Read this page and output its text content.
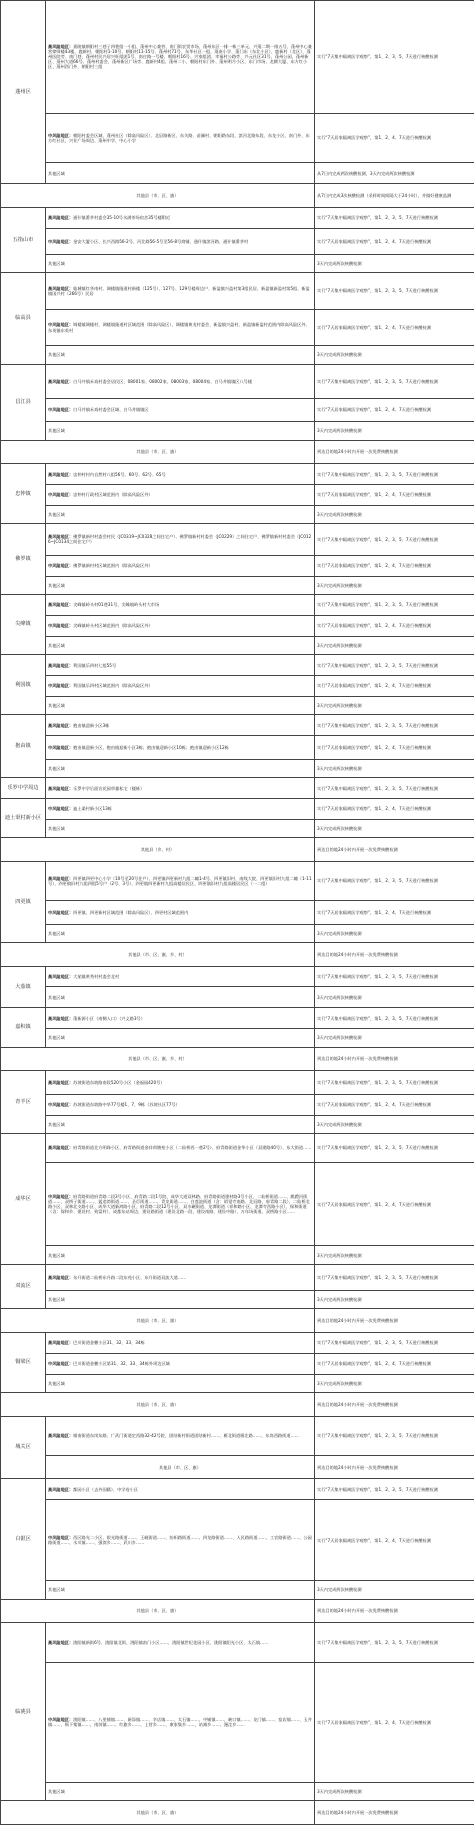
蓬州区	高风险地区：嘉陵镇朝阳村三巷子四巷组一小组、蓬州中心兼营、南门街农贸市场、蓬州东区一排一栋三单元、兴蓬二期一排五号、蓬州中心兼营律师楼43楼、鹿新村、朝阳村1-10号、朝阳村11-15号、蓬州村71号、东华社区一组、蓬南小学、蓬门东（东北小区）、鹿新村（北区）、蓬州医院旁、南门巷、蓬州村民兴居兴旺组团1号、南庄路一号楼、朝阳村16号、兴家组团、幸福村公路旁、兴元社区31号、蓬州公园、蓬州新区、蓬州大道66号、蓬州村委会、蓬州新区广场旁、鹿新村4组、蓬州二小、朝阳村东门外、蓬州明月小区、东门市场、龙腾大厦、东方红小区、蓬州西门外、朝阳村三组	实行“7天集中隔离医学观察”，第1、2、3、5、7天进行核酸检测
	中风险地区：朝阳村委会区域、蓬州社区（除高风险区）、北辰路新区、东关路、苗圃村、朝阳路东段、滨河北路东段、东龙小区、南门外、东方红社区、兴业广场周边、蓬州中学、中心小学	实行“7天居家隔离医学观察”，第1、2、4、7天进行核酸检测
	其他区域	从7日内完成两次核酸检测，3天内完成两次核酸检测
其他县（市、区、旗）		从7日内完成3次核酸检测（采样时间间隔大于24小时），并做好健康监测
五指山市	高风险地区：通什镇番茅村委会35-10号水满茶场宿舍35号楼附近	实行“7天集中隔离医学观察”，第1、2、3、5、7天进行核酸检测
	中风险地区：金安大厦小区、长兴西路56-2号、河北路56-5号至56-8号商铺、通什镇滨河路、通什镇番茅村	实行“7天居家隔离医学观察”，第1、2、4、7天进行核酸检测
	其他区域	3天内完成两次核酸检测
临高县	高风险地区：临城镇红华南村、调楼镇隆道村新楼（125号）、127号、129号楼周边户、新盈镇兴盈村第3组民居、新盈镇新盈村第5组、新盈镇国兴村（266号）民居	实行“7天集中隔离医学观察”，第1、2、3、5、7天进行核酸检测
	中风险地区：调楼镇调楼村、调楼镇隆道村区域范围（除高风险区）、调楼镇黄龙村委会、新盈镇兴盈村、新盈镇新盈村范围内除高风险区外、东英镇东英村	实行“7天居家隔离医学观察”，第1、2、4、7天进行核酸检测
	其他区域	3天内完成两次核酸检测
昌江县	高风险地区：白马井镇禾戏村委会居民区、08001家、08002家、08003家、08004家、白马井镇镇区八号楼	实行“7天集中隔离医学观察”，第1、2、3、5、7天进行核酸检测
	中风险地区：白马井镇禾戏村委会区域、白马井镇镇区	实行“7天居家隔离医学观察”，第1、2、4、7天进行核酸检测
	其他区域	3天内完成两次核酸检测
其他县（市、区、旗）		到达目的地24小时内开展一次免费核酸检测
忠仲镇	高风险地区：忠仲村村内自然村八组56号、60号、62号、65号	实行“7天集中隔离医学观察”，第1、2、3、5、7天进行核酸检测
	中风险地区：忠仲村行政村区域范围内（除高风险区外）	实行“7天居家隔离医学观察”，第1、2、4、7天进行核酸检测
	其他区域	3天内完成两次核酸检测
佛罗镇	高风险地区：佛罗镇新村村委会村民（JC0319~JC0328之间住宅户）、佛罗镇新村村委会（JC0229）之间住宅户、佛罗镇新村村委会（JC0126~JC0134之间住宅户）	实行“7天集中隔离医学观察”，第1、2、3、5、7天进行核酸检测
	中风险地区：佛罗镇新村村区域范围内（除高风险区外）	实行“7天居家隔离医学观察”，第1、2、4、7天进行核酸检测
	其他区域	3天内完成两次核酸检测
尖峰镇	高风险地区：尖峰镇岭头村01巷31号、尖峰镇岭头村大市场	实行“7天集中隔离医学观察”，第1、2、3、5、7天进行核酸检测
	中风险地区：尖峰镇岭头村区域范围内（除高风险区外）	实行“7天居家隔离医学观察”，第1、2、4、7天进行核酸检测
	其他区域	3天内完成两次核酸检测
利国镇	高风险地区：利国镇乐四村七组55号	实行“7天集中隔离医学观察”，第1、2、3、5、7天进行核酸检测
	中风险地区：利国镇乐四村区域范围内（除高风险区外）	实行“7天居家隔离医学观察”，第1、2、4、7天进行核酸检测
	其他区域	3天内完成两次核酸检测
抱由镇	高风险地区：抱由镇迎新小区3栋	实行“7天集中隔离医学观察”，第1、2、3、5、7天进行核酸检测
	中风险地区：抱由镇迎新小区，抱由镇迎新小区3栋；抱由镇迎新小区10栋；抱由镇迎新小区12栋	实行“7天居家隔离医学观察”，第1、2、4、7天进行核酸检测
	其他区域	3天内完成两次核酸检测
乐罗中学周边	高风险地区：乐罗中学后面宣花园草暴私宅（楼栋）	实行“7天集中隔离医学观察”，第1、2、3、5、7天进行核酸检测
迪土渠村新小区	中风险地区：迪土渠村新小区13栋	实行“7天居家隔离医学观察”，第1、2、4、7天进行核酸检测
	其他区域	3天内完成两次核酸检测
其他县（乡、村）		到达目的地24小时内开展一次免费核酸检测
四更镇	高风险地区：四更镇四更中心小学（10号至20号住户）、四更镇四更新村九组二幢1-4号、四更镇旧村、南线大院、四更镇旧村九组二幢（1-11号）、四更镇旧村九组四组5号户（2号、3号）、四更镇四更新村九组高楼居民区、四更镇旧村九组高楼居民区（一二组）	实行“7天集中隔离医学观察”，第1、2、3、5、7天进行核酸检测
	中风险地区：四更镇、四更新村区域范围（除高风险区）、四更村区域范围内	实行“7天居家隔离医学观察”，第1、2、4、7天进行核酸检测
	其他区域	3天内完成两次核酸检测
其他县（市、区、旗、乡、村）		到达目的地24小时内开展一次免费核酸检测
大茄镇	高风险地区：大茄镇黄秀村村委会北村	实行“7天集中隔离医学观察”，第1、2、3、5、7天进行核酸检测
	其他区域	3天内完成两次核酸检测
嘉积镇	高风险地区：蓬新源小区（南侧入口）（兴义路3号）	实行“7天集中隔离医学观察”，第1、2、3、5、7天进行核酸检测
	其他区域	3天内完成两次核酸检测
其他县（市、区、旗、乡、村）		到达目的地24小时内开展一次免费核酸检测
青羊区	高风险地区：苏坡街道东坡路南段520号小区（金福园420号）	实行“7天集中隔离医学观察”，第1、2、3、5、7天进行核酸检测
	中风险地区：苏坡街道东坡路中华77号楼1、7、9栋（苏坡社区77号）	实行“7天居家隔离医学观察”，第1、2、4、7天进行核酸检测
	其他区域	3天内完成两次核酸检测
成华区	高风险地区：府青路街道北方明珠小区、府青路街道金祥荷塘苑小区（二仙桥西一巷2号）、府青路街道金华小区（双建路40号）、东大街道……	实行“7天集中隔离医学观察”，第1、2、3、5、7天进行核酸检测
	中风险地区：府青路街道府青路二段3号小区、府青路二段1号院、成华大道双林路、府青路街道建材路3号小区、二仙桥街道……、跳蹬河街道……、双桥子街道……、猛追湾街道……、圣灯街道……、青龙街道……、白莲池街道（含：昭觉寺南路、北辰路、府青路二段）、二仙桥北路小区、双林北支路小区、成华大道新鸿路小区、府青路二段12号小区、双水碾街道、龙潭街道（祥和路小区、龙潭寺西路小区）、保和街道（含：保和乡、建设村、致富村）、成都东站周边、建设路街道（建设北路一段、建设南路、建设中路）、万年场街道、双桥路小区……	实行“7天居家隔离医学观察”，第1、2、4、7天进行核酸检测
	其他区域	3天内完成两次核酸检测
双流区	高风险地区：东升街道二仙桥东升路二段东苑小区、东升街道双流大道……	实行“7天集中隔离医学观察”，第1、2、3、5、7天进行核酸检测
	其他区域	3天内完成两次核酸检测
其他县（市、区、旗）		到达目的地24小时内开展一次免费核酸检测
铜梁区	高风险地区：巴川街道金鹏小区31、32、33、34栋	实行“7天集中隔离医学观察”，第1、2、3、5、7天进行核酸检测
	中风险地区：巴川街道金鹏小区第31、32、33、34栋外周边区域	实行“7天居家隔离医学观察”，第1、2、4、7天进行核酸检测
	其他区域	3天内完成两次核酸检测
其他县（市、区、旗）		到达目的地24小时内开展一次免费核酸检测
城关区	高风险地区：雁南街道东岗东路、广武门街道定西路32-42号院、团结新村街道团结新村……、雁北街道雁北路……、东岗西路街道……	实行“7天集中隔离医学观察”，第1、2、3、5、7天进行核酸检测
	其他县（市、区、旗）	到达目的地24小时内开展一次免费核酸检测
白银区	高风险地区：都园小区（去外国籍）、中学卷小区	实行“7天集中隔离医学观察”，第1、2、3、5、7天进行核酸检测
	中风险地区：西区路光二小区、银光路街道……、王岘街道……、纺织路街道……、四龙路街道……、人民路街道……、工农路街道……、公园路街道……、水川镇……、强湾乡……、武川乡……	实行“7天居家隔离医学观察”，第1、2、4、7天进行核酸检测
	其他区域	3天内完成两次核酸检测
其他县（市、区、旗）		到达目的地24小时内开展一次免费核酸检测
临洮县	高风险地区：洮阳镇新街6号、洮阳镇北街、洮阳镇南门小区……、洮阳镇世纪花园小区、洮阳镇阳光小区、太石镇……	实行“7天集中隔离医学观察”，第1、2、3、5、7天进行核酸检测
	中风险地区：洮阳镇……、八里铺镇……、新添镇……、辛店镇……、太石镇……、中铺镇……、峡口镇……、龙门镇……、窑店镇……、玉井镇……、衙下集镇……、南屏镇……、红旗乡……、上营乡……、康家集乡……、站滩乡……、漫洼乡……	实行“7天居家隔离医学观察”，第1、2、4、7天进行核酸检测
	其他区域	3天内完成两次核酸检测
其他县（市、区、旗）		到达目的地24小时内开展一次免费核酸检测
